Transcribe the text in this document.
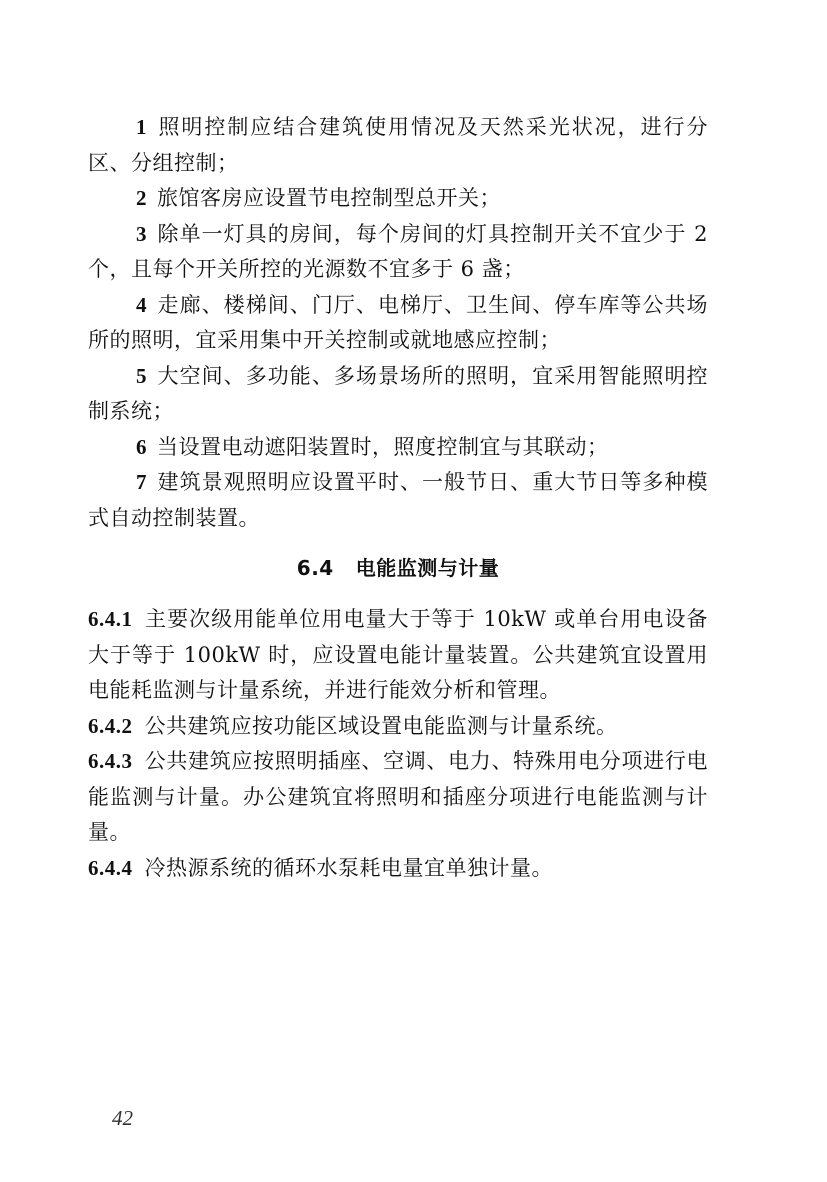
1 照明控制应结合建筑使用情况及天然采光状况，进行分区、分组控制；

2 旅馆客房应设置节电控制型总开关；

3 除单一灯具的房间，每个房间的灯具控制开关不宜少于 2 个，且每个开关所控的光源数不宜多于 6 盏；

4 走廊、楼梯间、门厅、电梯厅、卫生间、停车库等公共场所的照明，宜采用集中开关控制或就地感应控制；

5 大空间、多功能、多场景场所的照明，宜采用智能照明控制系统；

6 当设置电动遮阳装置时，照度控制宜与其联动；

7 建筑景观照明应设置平时、一般节日、重大节日等多种模式自动控制装置。

6.4 电能监测与计量

6.4.1 主要次级用能单位用电量大于等于 10kW 或单台用电设备大于等于 100kW 时，应设置电能计量装置。公共建筑宜设置用电能耗监测与计量系统，并进行能效分析和管理。

6.4.2 公共建筑应按功能区域设置电能监测与计量系统。

6.4.3 公共建筑应按照明插座、空调、电力、特殊用电分项进行电能监测与计量。办公建筑宜将照明和插座分项进行电能监测与计量。

6.4.4 冷热源系统的循环水泵耗电量宜单独计量。

42
